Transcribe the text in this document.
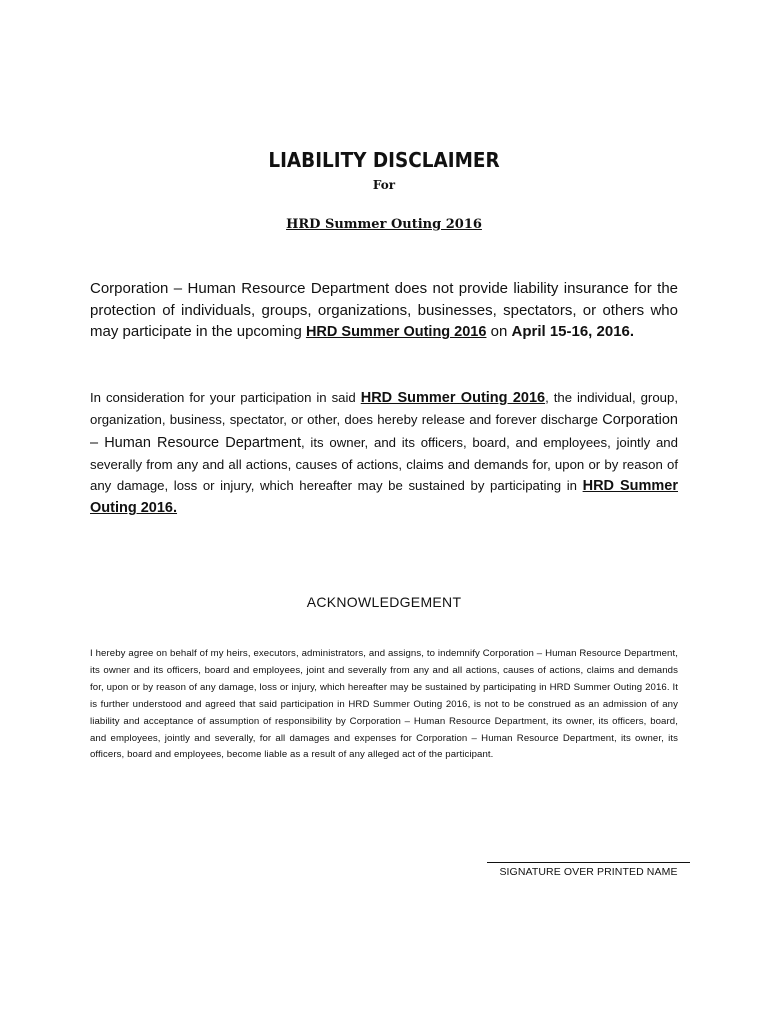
LIABILITY DISCLAIMER
For
HRD Summer Outing 2016
Corporation – Human Resource Department does not provide liability insurance for the protection of individuals, groups, organizations, businesses, spectators, or others who may participate in the upcoming HRD Summer Outing 2016 on April 15-16, 2016.
In consideration for your participation in said HRD Summer Outing 2016, the individual, group, organization, business, spectator, or other, does hereby release and forever discharge Corporation – Human Resource Department, its owner, and its officers, board, and employees, jointly and severally from any and all actions, causes of actions, claims and demands for, upon or by reason of any damage, loss or injury, which hereafter may be sustained by participating in HRD Summer Outing 2016.
ACKNOWLEDGEMENT
I hereby agree on behalf of my heirs, executors, administrators, and assigns, to indemnify Corporation – Human Resource Department, its owner and its officers, board and employees, joint and severally from any and all actions, causes of actions, claims and demands for, upon or by reason of any damage, loss or injury, which hereafter may be sustained by participating in HRD Summer Outing 2016. It is further understood and agreed that said participation in HRD Summer Outing 2016, is not to be construed as an admission of any liability and acceptance of assumption of responsibility by Corporation – Human Resource Department, its owner, its officers, board, and employees, jointly and severally, for all damages and expenses for Corporation – Human Resource Department, its owner, its officers, board and employees, become liable as a result of any alleged act of the participant.
SIGNATURE OVER PRINTED NAME
